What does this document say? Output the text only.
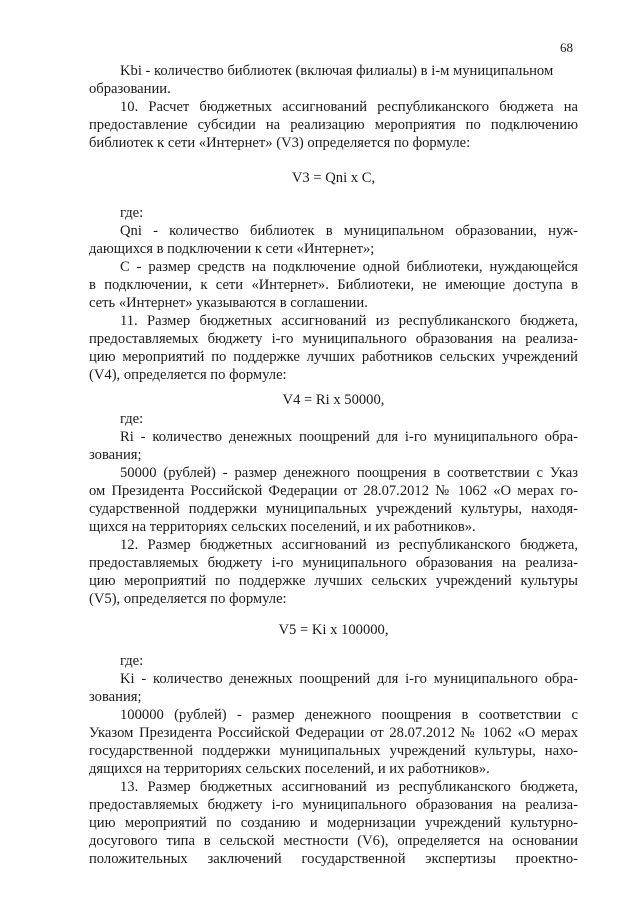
68
Kbi - количество библиотек (включая филиалы) в i-м муниципальном
образовании.
10. Расчет бюджетных ассигнований республиканского бюджета на
предоставление субсидии на реализацию мероприятия по подключению
библиотек к сети «Интернет» (V3) определяется по формуле:
V3 = Qni x C,
где:
Qni - количество библиотек в муниципальном образовании, нуж-
дающихся в подключении к сети «Интернет»;
С - размер средств на подключение одной библиотеки, нуждающейся
в подключении, к сети «Интернет». Библиотеки, не имеющие доступа в
сеть «Интернет» указываются в соглашении.
11. Размер бюджетных ассигнований из республиканского бюджета,
предоставляемых бюджету i-го муниципального образования на реализа-
цию мероприятий по поддержке лучших работников сельских учреждений
(V4), определяется по формуле:
V4 = Ri x 50000,
где:
Ri - количество денежных поощрений для i-го муниципального обра-
зования;
50000 (рублей) - размер денежного поощрения в соответствии с Указ
ом Президента Российской Федерации от 28.07.2012 № 1062 «О мерах го-
сударственной поддержки муниципальных учреждений культуры, находя-
щихся на территориях сельских поселений, и их работников».
12. Размер бюджетных ассигнований из республиканского бюджета,
предоставляемых бюджету i-го муниципального образования на реализа-
цию мероприятий по поддержке лучших сельских учреждений культуры
(V5), определяется по формуле:
V5 = Ki x 100000,
где:
Ki - количество денежных поощрений для i-го муниципального обра-
зования;
100000 (рублей) - размер денежного поощрения в соответствии с
Указом Президента Российской Федерации от 28.07.2012 № 1062 «О мерах
государственной поддержки муниципальных учреждений культуры, нахо-
дящихся на территориях сельских поселений, и их работников».
13. Размер бюджетных ассигнований из республиканского бюджета,
предоставляемых бюджету i-го муниципального образования на реализа-
цию мероприятий по созданию и модернизации учреждений культурно-
досугового типа в сельской местности (V6), определяется на основании
положительных заключений государственной экспертизы проектно-
